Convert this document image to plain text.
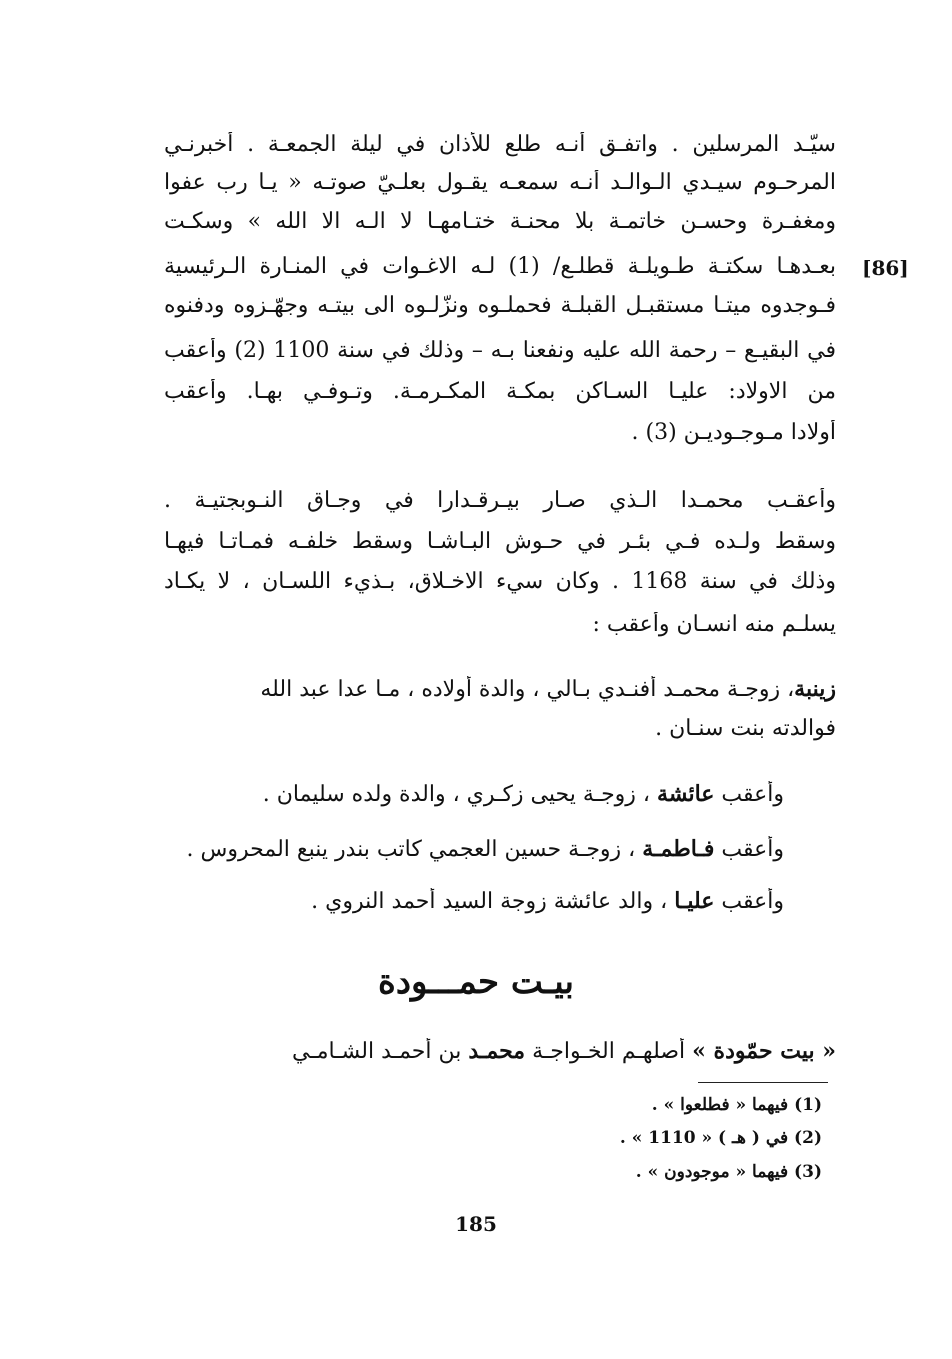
[86]
سيّـد المرسلين . واتفـق أنـه طلع للأذان في ليلة الجمعـة . أخبرنـي
المرحـوم سيـدي الـوالـد أنـه سمعـه يقـول بعلـيّ صوتـه « يـا رب عفوا
ومغفـرة وحسـن خاتمـة بلا محنـة ختـامهـا لا الـه الا الله » وسكـت
بعـدهـا سكتـة طـويلـة قطلـع/ (1) لـه الاغـوات في المنـارة الـرئيسية
فـوجدوه ميتـا مستقبـل القبلـة فحملـوه ونزّلـوه الى بيتـه وجهّـزوه ودفنوه
في البقيـع – رحمة الله عليه ونفعنا بـه – وذلك في سنة 1100 (2) وأعقب
من الاولاد: عليـا السـاكن بمكـة المكـرمـة. وتـوفـي بهـا. وأعقب
أولادا مـوجـوديـن (3) .
وأعقـب محمـدا الـذي صـار بيـرقـدارا في وجـاق النـوبجتيـة .
وسقط ولـده فـي بئـر في حـوش البـاشـا وسقط خلفـه فمـاتـا فيهـا
وذلك في سنة 1168 . وكان سيء الاخـلاق، بـذيء اللسـان ، لا يكـاد
يسلـم منه انسـان وأعقب :
زينبة، زوجـة محمـد أفنـدي بـالي ، والدة أولاده ، مـا عدا عبد الله
فوالدته بنت سنـان .
وأعقب عائشة ، زوجـة يحيى زكـري ، والدة ولده سليمان .
وأعقب فـاطمـة ، زوجـة حسين العجمي كاتب بندر ينبع المحروس .
وأعقب عليـا ، والد عائشة زوجة السيد أحمد النروي .
بيـت حمـــودة
« بيت حمّودة » أصلهـم الخـواجـة محمـد بن أحمـد الشـامـي
(1) فيهما « فطلعوا » .
(2) في ( هـ ) « 1110 » .
(3) فيهما « موجودون » .
185
